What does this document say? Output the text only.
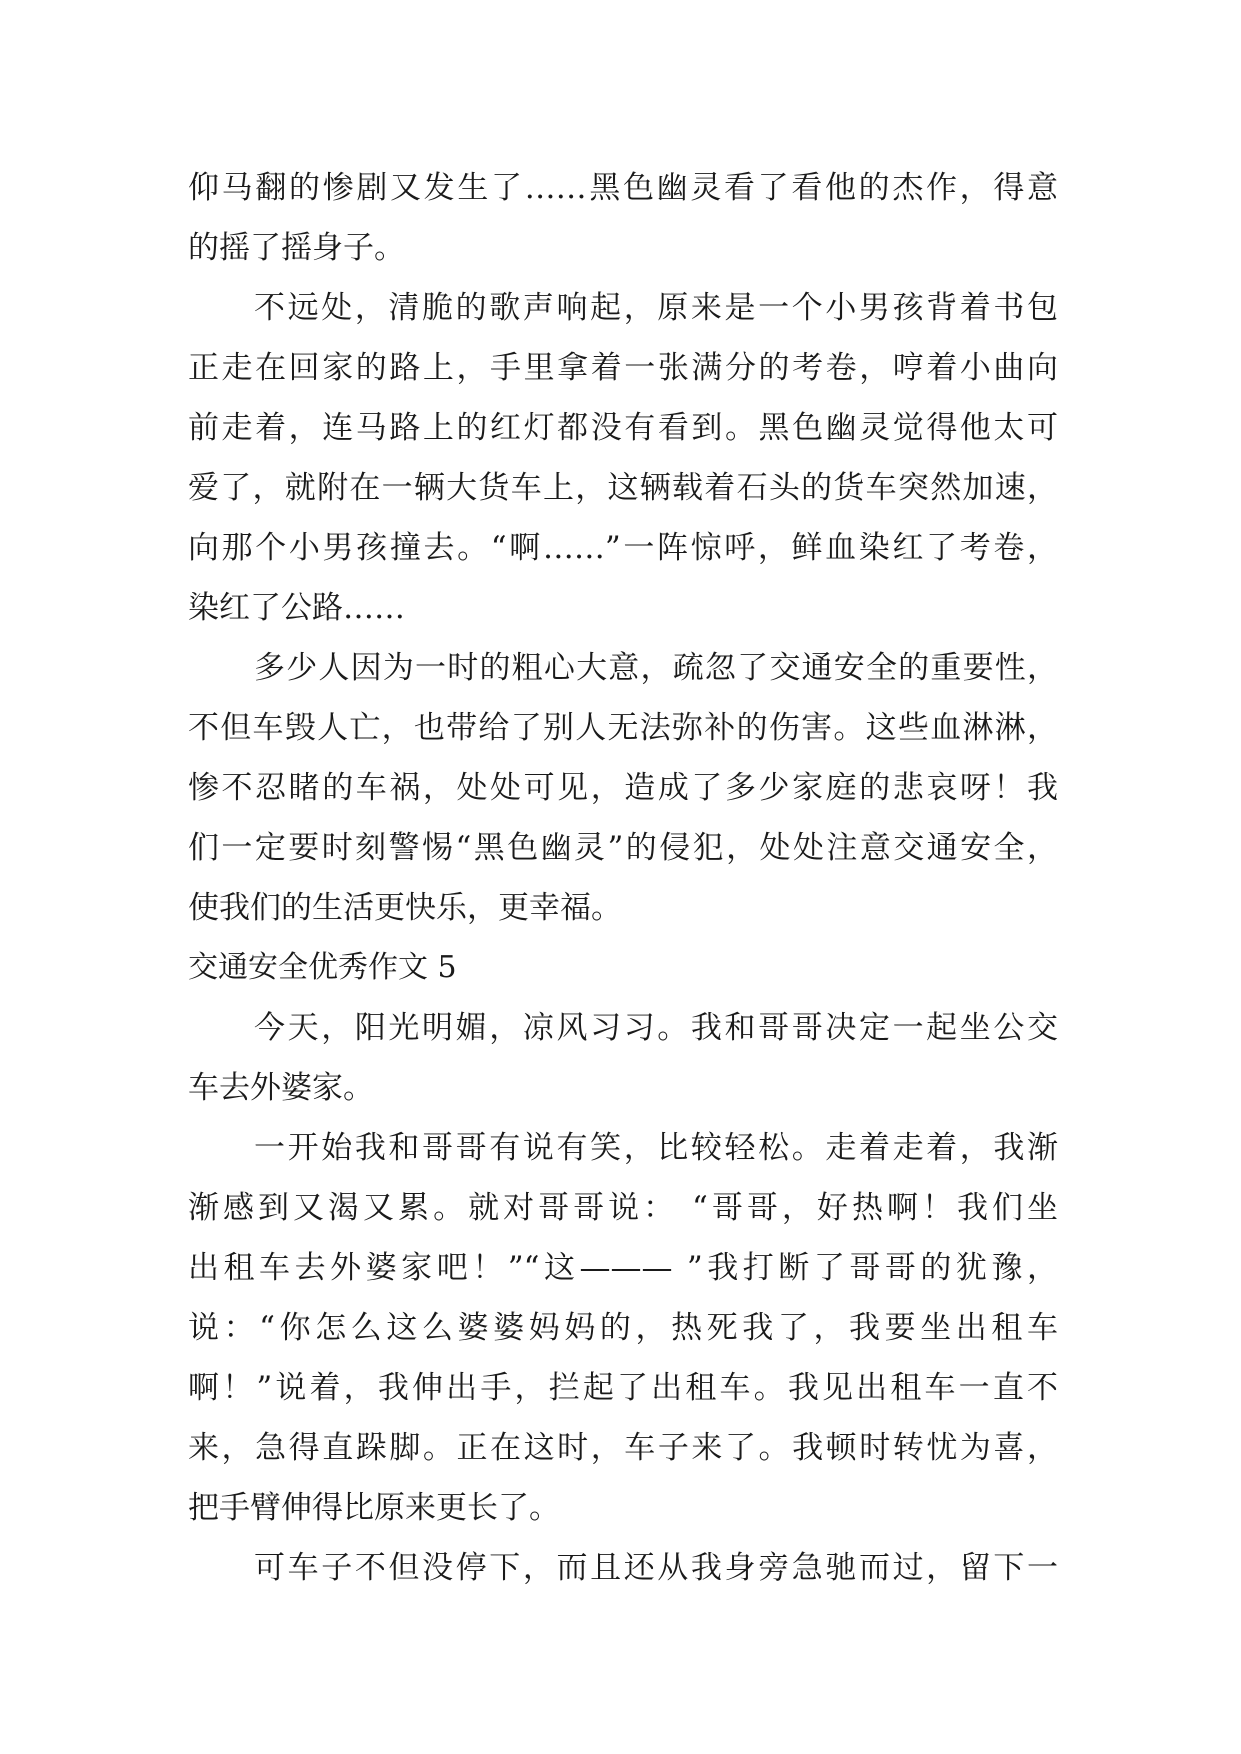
仰马翻的惨剧又发生了……黑色幽灵看了看他的杰作，得意
的摇了摇身子。
不远处，清脆的歌声响起，原来是一个小男孩背着书包
正走在回家的路上，手里拿着一张满分的考卷，哼着小曲向
前走着，连马路上的红灯都没有看到。黑色幽灵觉得他太可
爱了，就附在一辆大货车上，这辆载着石头的货车突然加速，
向那个小男孩撞去。“啊……”一阵惊呼，鲜血染红了考卷，
染红了公路……
多少人因为一时的粗心大意，疏忽了交通安全的重要性，
不但车毁人亡，也带给了别人无法弥补的伤害。这些血淋淋，
惨不忍睹的车祸，处处可见，造成了多少家庭的悲哀呀！我
们一定要时刻警惕“黑色幽灵”的侵犯，处处注意交通安全，
使我们的生活更快乐，更幸福。
交通安全优秀作文 5
今天，阳光明媚，凉风习习。我和哥哥决定一起坐公交
车去外婆家。
一开始我和哥哥有说有笑，比较轻松。走着走着，我渐
渐感到又渴又累。就对哥哥说： “哥哥，好热啊！我们坐
出租车去外婆家吧！”“这——— ”我打断了哥哥的犹豫，
说：“你怎么这么婆婆妈妈的，热死我了，我要坐出租车
啊！”说着，我伸出手，拦起了出租车。我见出租车一直不
来，急得直跺脚。正在这时，车子来了。我顿时转忧为喜，
把手臂伸得比原来更长了。
可车子不但没停下，而且还从我身旁急驰而过，留下一
